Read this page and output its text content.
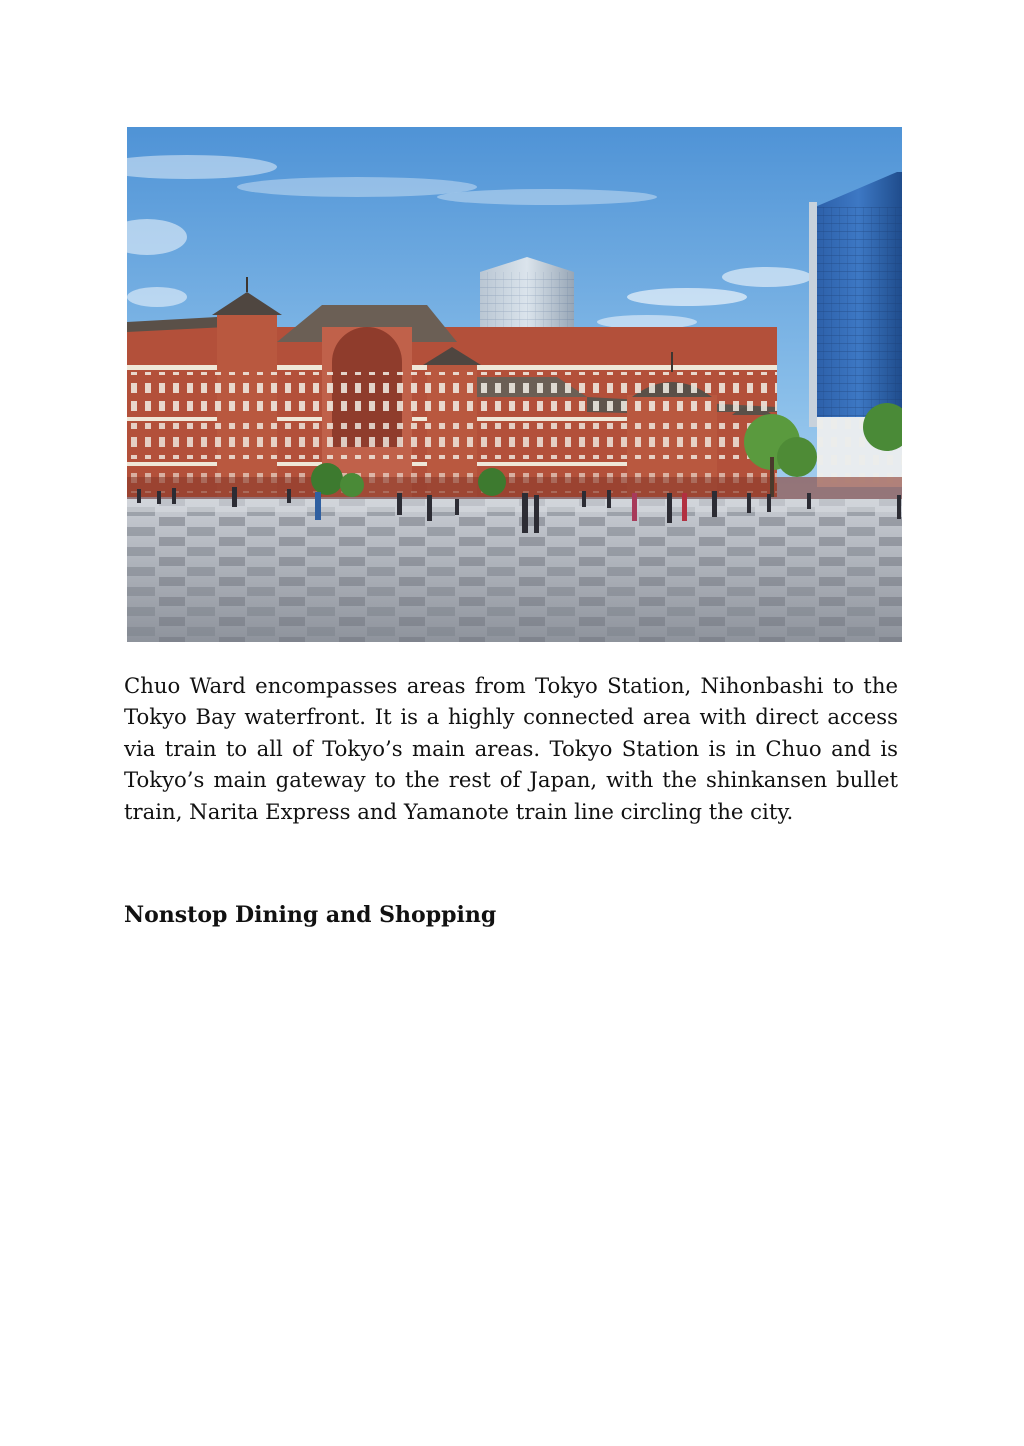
Chuo Ward encompasses areas from Tokyo Station, Nihonbashi to the Tokyo Bay waterfront. It is a highly connected area with direct access via train to all of Tokyo’s main areas. Tokyo Station is in Chuo and is Tokyo’s main gateway to the rest of Japan, with the shinkansen bullet train, Narita Express and Yamanote train line circling the city.

Nonstop Dining and Shopping
